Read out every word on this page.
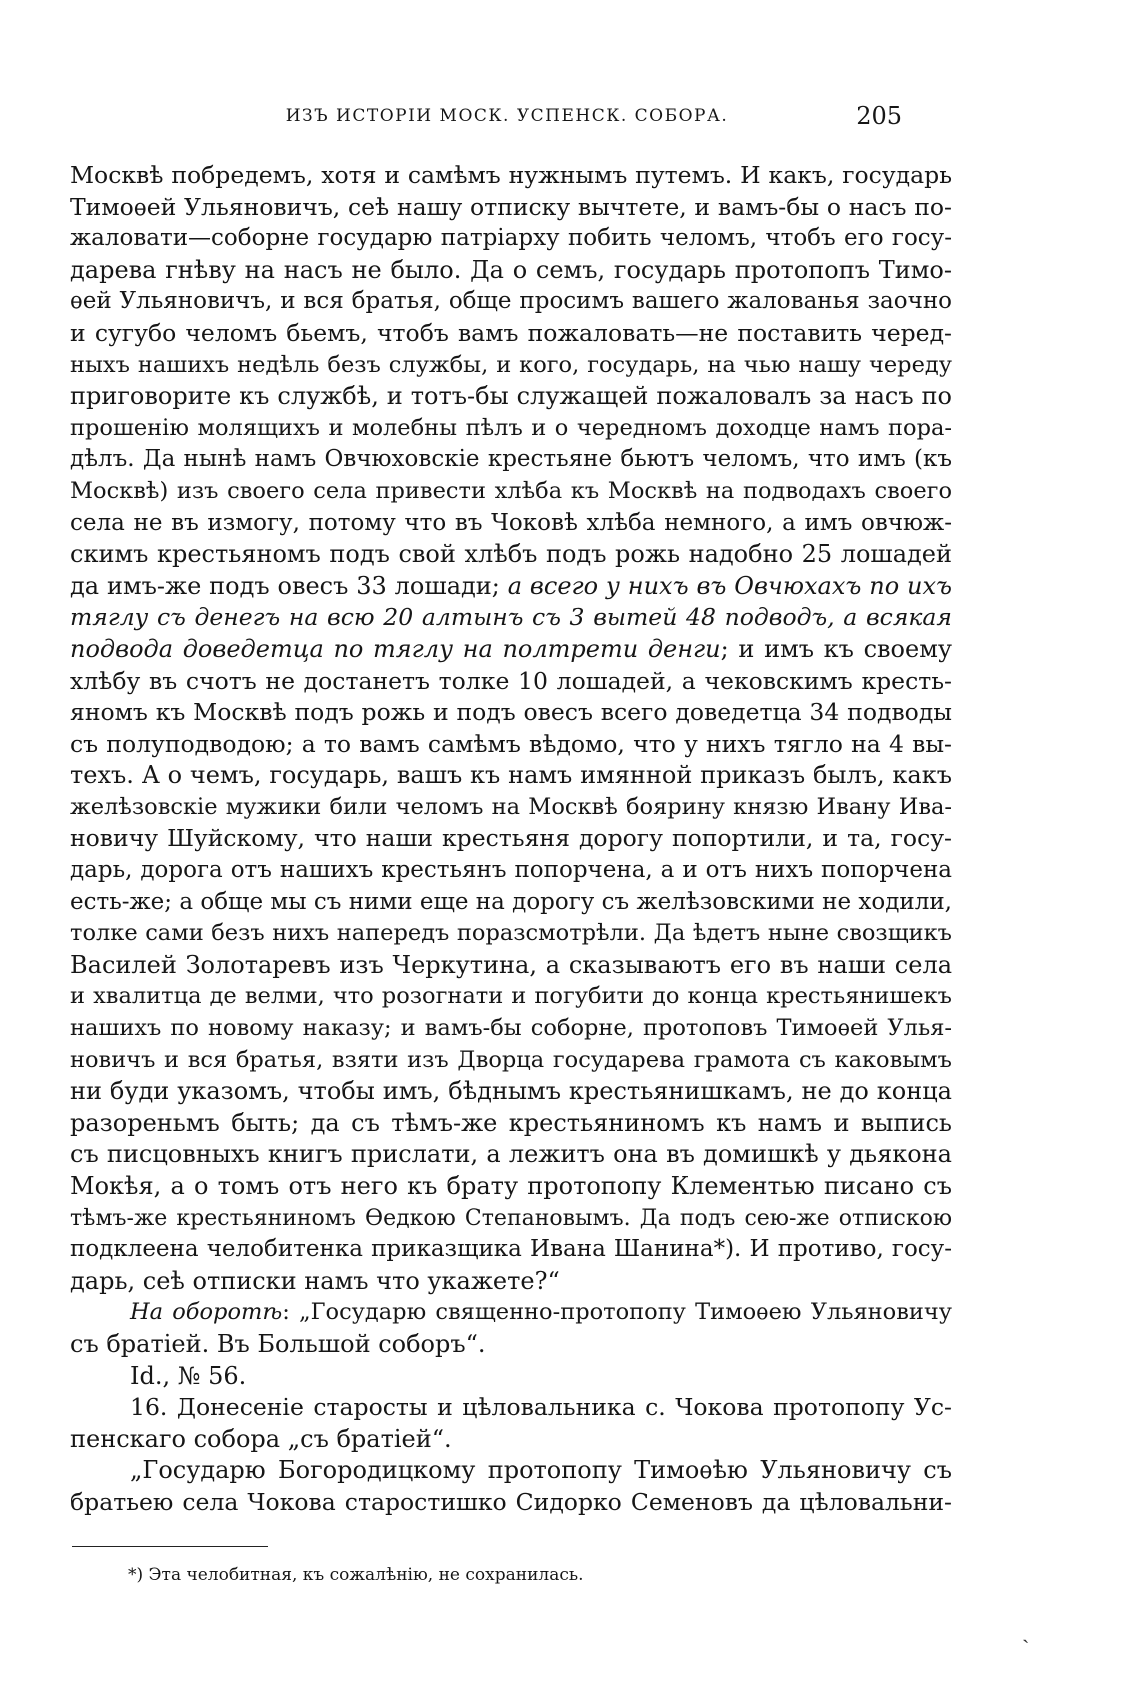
ИЗЪ ИСТОРІИ МОСК. УСПЕНСК. СОБОРА.	205
Москвѣ побредемъ, хотя и самѣмъ нужнымъ путемъ. И какъ, государь
Тимоѳей Ульяновичъ, сеѣ нашу отписку вычтете, и вамъ-бы о насъ по-
жаловати—соборне государю патріарху побить челомъ, чтобъ его госу-
дарева гнѣву на насъ не было. Да о семъ, государь протопопъ Тимо-
ѳей Ульяновичъ, и вся братья, обще просимъ вашего жалованья заочно
и сугубо челомъ бьемъ, чтобъ вамъ пожаловать—не поставить черед-
ныхъ нашихъ недѣль безъ службы, и кого, государь, на чью нашу череду
приговорите къ службѣ, и тотъ-бы служащей пожаловалъ за насъ по
прошенію молящихъ и молебны пѣлъ и о чередномъ доходце намъ пора-
дѣлъ. Да нынѣ намъ Овчюховскіе крестьяне бьютъ челомъ, что имъ (къ
Москвѣ) изъ своего села привести хлѣба къ Москвѣ на подводахъ своего
села не въ измогу, потому что въ Чоковѣ хлѣба немного, а имъ овчюж-
скимъ крестьяномъ подъ свой хлѣбъ подъ рожь надобно 25 лошадей
да имъ-же подъ овесъ 33 лошади; а всего у нихъ въ Овчюхахъ по ихъ
тяглу съ денегъ на всю 20 алтынъ съ 3 вытей 48 подводъ, а всякая
подвода доведетца по тяглу на полтрети денги; и имъ къ своему
хлѣбу въ счотъ не достанетъ толке 10 лошадей, а чековскимъ кресть-
яномъ къ Москвѣ подъ рожь и подъ овесъ всего доведетца 34 подводы
съ полуподводою; а то вамъ самѣмъ вѣдомо, что у нихъ тягло на 4 вы-
техъ. А о чемъ, государь, вашъ къ намъ имянной приказъ былъ, какъ
желѣзовскіе мужики били челомъ на Москвѣ боярину князю Ивану Ива-
новичу Шуйскому, что наши крестьяня дорогу попортили, и та, госу-
дарь, дорога отъ нашихъ крестьянъ попорчена, а и отъ нихъ попорчена
есть-же; а обще мы съ ними еще на дорогу съ желѣзовскими не ходили,
толке сами безъ нихъ напередъ поразсмотрѣли. Да ѣдетъ ныне свозщикъ
Василей Золотаревъ изъ Черкутина, а сказываютъ его въ наши села
и хвалитца де велми, что розогнати и погубити до конца крестьянишекъ
нашихъ по новому наказу; и вамъ-бы соборне, протоповъ Тимоѳей Улья-
новичъ и вся братья, взяти изъ Дворца государева грамота съ каковымъ
ни буди указомъ, чтобы имъ, бѣднымъ крестьянишкамъ, не до конца
разореньмъ быть; да съ тѣмъ-же крестьяниномъ къ намъ и выпись
съ писцовныхъ книгъ прислати, а лежитъ она въ домишкѣ у дьякона
Мокѣя, а о томъ отъ него къ брату протопопу Клементью писано съ
тѣмъ-же крестьяниномъ Ѳедкою Степановымъ. Да подъ сею-же отпискою
подклеена челобитенка приказщика Ивана Шанина*). И противо, госу-
дарь, сеѣ отписки намъ что укажете?“
На оборотѣ: „Государю священно-протопопу Тимоѳею Ульяновичу
съ братіей. Въ Большой соборъ“.
Id., № 56.
16. Донесеніе старосты и цѣловальника с. Чокова протопопу Ус-
пенскаго собора „съ братіей“.
„Государю Богородицкому протопопу Тимоѳѣю Ульяновичу съ
братьею села Чокова старостишко Сидорко Семеновъ да цѣловальни-
*) Эта челобитная, къ сожалѣнію, не сохранилась.
ˏ
